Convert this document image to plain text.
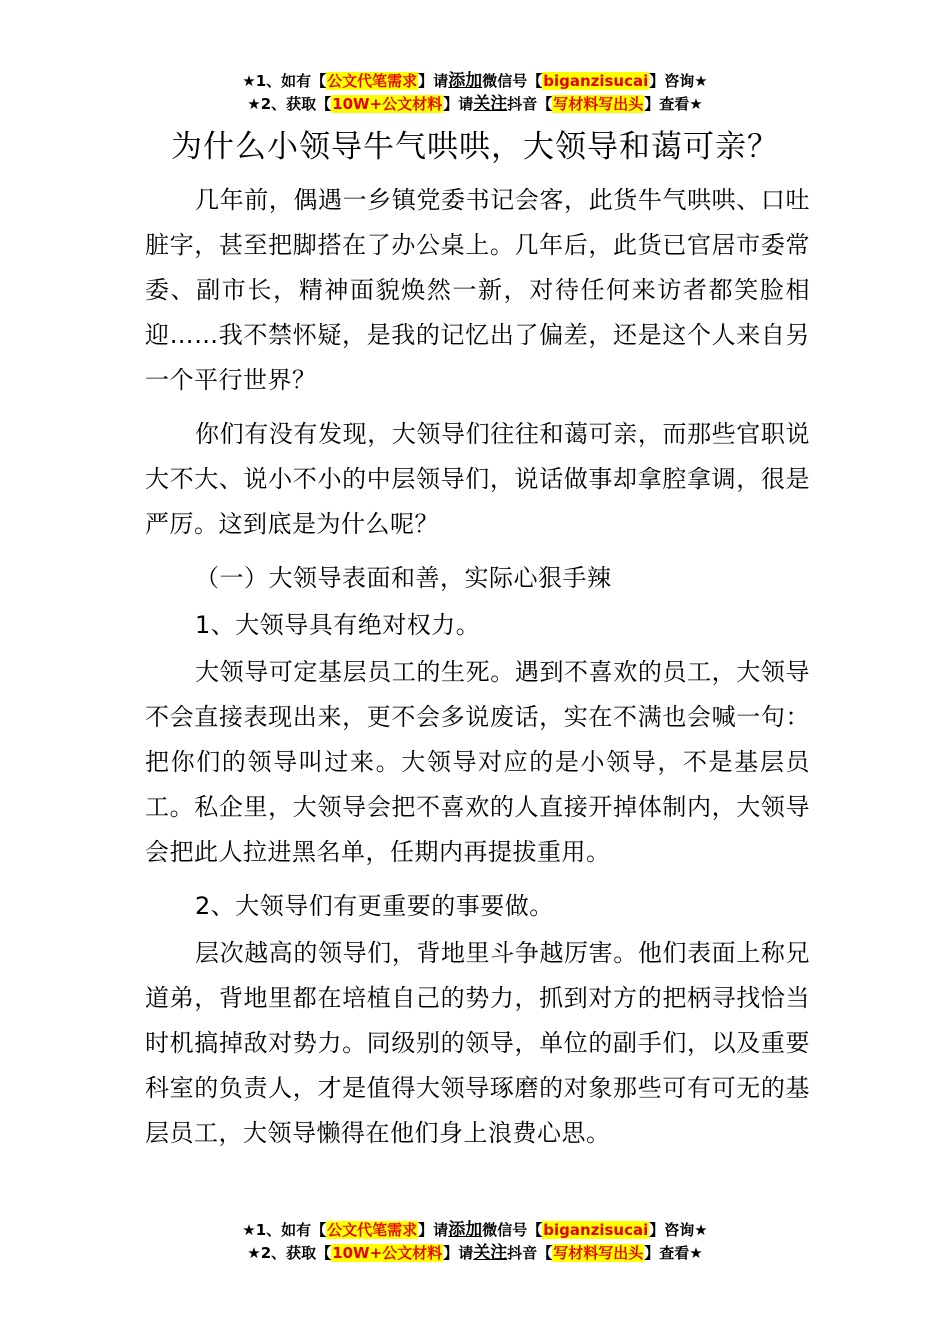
★1、如有【公文代笔需求】请添加微信号【biganzisucai】咨询★
★2、获取【10W+公文材料】请关注抖音【写材料写出头】查看★
为什么小领导牛气哄哄，大领导和蔼可亲？

几年前，偶遇一乡镇党委书记会客，此货牛气哄哄、口吐脏字，甚至把脚搭在了办公桌上。几年后，此货已官居市委常委、副市长，精神面貌焕然一新，对待任何来访者都笑脸相迎……我不禁怀疑，是我的记忆出了偏差，还是这个人来自另一个平行世界？

你们有没有发现，大领导们往往和蔼可亲，而那些官职说大不大、说小不小的中层领导们，说话做事却拿腔拿调，很是严厉。这到底是为什么呢？

（一）大领导表面和善，实际心狠手辣

1、大领导具有绝对权力。

大领导可定基层员工的生死。遇到不喜欢的员工，大领导不会直接表现出来，更不会多说废话，实在不满也会喊一句：把你们的领导叫过来。大领导对应的是小领导，不是基层员工。私企里，大领导会把不喜欢的人直接开掉体制内，大领导会把此人拉进黑名单，任期内再提拔重用。

2、大领导们有更重要的事要做。

层次越高的领导们，背地里斗争越厉害。他们表面上称兄道弟，背地里都在培植自己的势力，抓到对方的把柄寻找恰当时机搞掉敌对势力。同级别的领导，单位的副手们，以及重要科室的负责人，才是值得大领导琢磨的对象那些可有可无的基层员工，大领导懒得在他们身上浪费心思。

★1、如有【公文代笔需求】请添加微信号【biganzisucai】咨询★
★2、获取【10W+公文材料】请关注抖音【写材料写出头】查看★
